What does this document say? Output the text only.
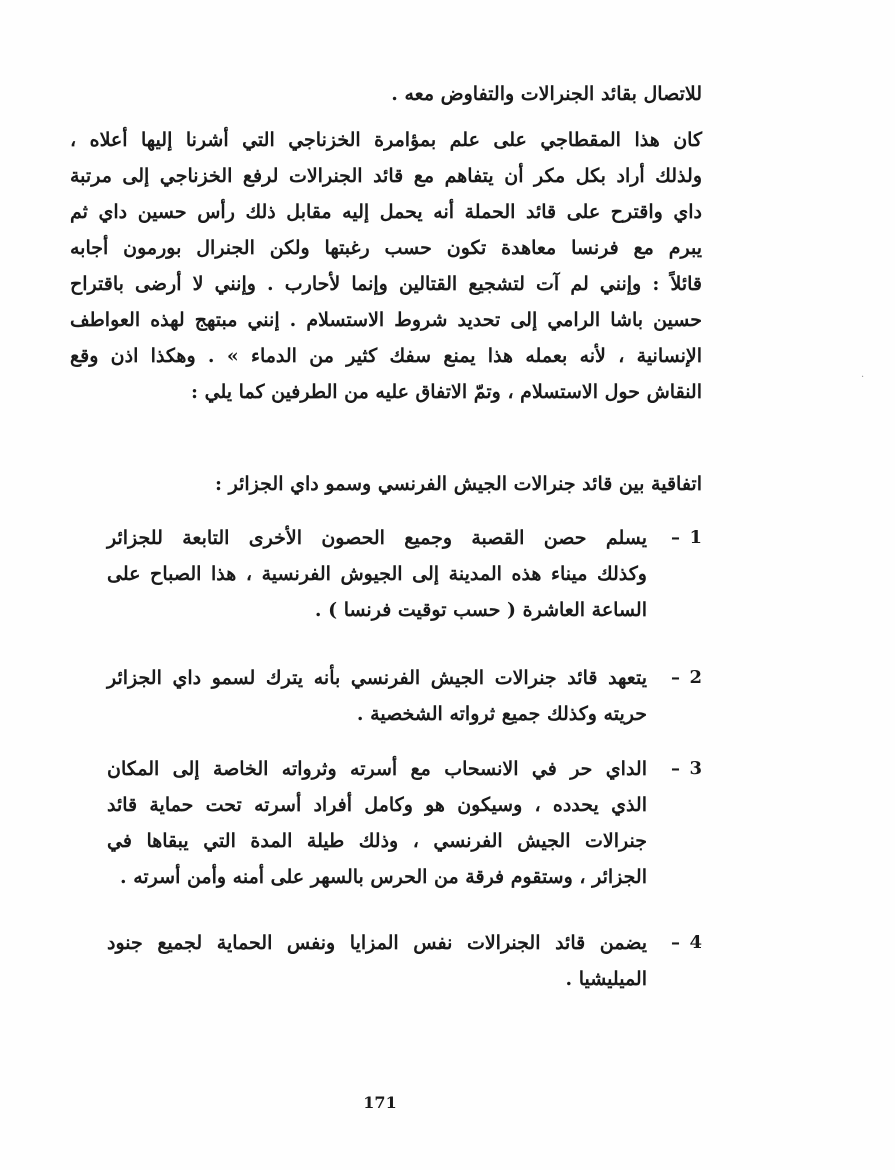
للاتصال بقائد الجنرالات والتفاوض معه .
كان هذا المقطاجي على علم بمؤامرة الخزناجي التي أشرنا إليها أعلاه ،
ولذلك أراد بكل مكر أن يتفاهم مع قائد الجنرالات لرفع الخزناجي إلى مرتبة
داي واقترح على قائد الحملة أنه يحمل إليه مقابل ذلك رأس حسين داي ثم
يبرم مع فرنسا معاهدة تكون حسب رغبتها ولكن الجنرال بورمون أجابه
قائلاً : وإنني لم آت لتشجيع القتالين وإنما لأحارب . وإنني لا أرضى باقتراح
حسين باشا الرامي إلى تحديد شروط الاستسلام . إنني مبتهج لهذه العواطف
الإنسانية ، لأنه بعمله هذا يمنع سفك كثير من الدماء » . وهكذا اذن وقع
النقاش حول الاستسلام ، وتمّ الاتفاق عليه من الطرفين كما يلي :
اتفاقية بين قائد جنرالات الجيش الفرنسي وسمو داي الجزائر :
1
–
يسلم حصن القصبة وجميع الحصون الأخرى التابعة للجزائر
وكذلك ميناء هذه المدينة إلى الجيوش الفرنسية ، هذا الصباح على
الساعة العاشرة ( حسب توقيت فرنسا ) .
2
–
يتعهد قائد جنرالات الجيش الفرنسي بأنه يترك لسمو داي الجزائر
حريته وكذلك جميع ثرواته الشخصية .
3
–
الداي حر في الانسحاب مع أسرته وثرواته الخاصة إلى المكان
الذي يحدده ، وسيكون هو وكامل أفراد أسرته تحت حماية قائد
جنرالات الجيش الفرنسي ، وذلك طيلة المدة التي يبقاها في
الجزائر ، وستقوم فرقة من الحرس بالسهر على أمنه وأمن أسرته .
4
–
يضمن قائد الجنرالات نفس المزايا ونفس الحماية لجميع جنود
الميليشيا .
171
·
